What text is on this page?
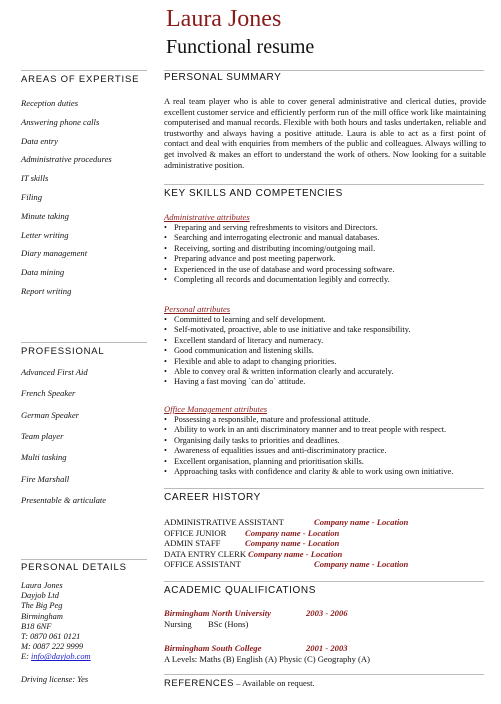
Laura Jones
Functional resume
AREAS OF EXPERTISE
Reception duties
Answering phone calls
Data entry
Administrative procedures
IT skills
Filing
Minute taking
Letter writing
Diary management
Data mining
Report writing
PROFESSIONAL
Advanced First Aid
French Speaker
German Speaker
Team player
Multi tasking
Fire Marshall
Presentable & articulate
PERSONAL DETAILS
Laura Jones
Dayjob Ltd
The Big Peg
Birmingham
B18 6NF
T: 0870 061 0121
M: 0087 222 9999
E: info@dayjob.com
Driving license: Yes
PERSONAL SUMMARY
A real team player who is able to cover general administrative and clerical duties, provide excellent customer service and efficiently perform run of the mill office work like maintaining computerised and manual records. Flexible with both hours and tasks undertaken, reliable and trustworthy and always having a positive attitude. Laura is able to act as a first point of contact and deal with enquiries from members of the public and colleagues. Always willing to get involved & makes an effort to understand the work of others. Now looking for a suitable administrative position.
KEY SKILLS AND COMPETENCIES
Administrative attributes
• Preparing and serving refreshments to visitors and Directors.
• Searching and interrogating electronic and manual databases.
• Receiving, sorting and distributing incoming/outgoing mail.
• Preparing advance and post meeting paperwork.
• Experienced in the use of database and word processing software.
• Completing all records and documentation legibly and correctly.
Personal attributes
• Committed to learning and self development.
• Self-motivated, proactive, able to use initiative and take responsibility.
• Excellent standard of literacy and numeracy.
• Good communication and listening skills.
• Flexible and able to adapt to changing priorities.
• Able to convey oral & written information clearly and accurately.
• Having a fast moving `can do` attitude.
Office Management attributes
• Possessing a responsible, mature and professional attitude.
• Ability to work in an anti discriminatory manner and to treat people with respect.
• Organising daily tasks to priorities and deadlines.
• Awareness of equalities issues and anti-discriminatory practice.
• Excellent organisation, planning and prioritisation skills.
• Approaching tasks with confidence and clarity & able to work using own initiative.
CAREER HISTORY
ADMINISTRATIVE ASSISTANT	Company name - Location
OFFICE JUNIOR Company name - Location
ADMIN STAFF	Company name - Location
DATA ENTRY CLERK Company name - Location
OFFICE ASSISTANT	Company name - Location
ACADEMIC QUALIFICATIONS
Birmingham North University	2003 - 2006
Nursing BSc (Hons)
Birmingham South College	2001 - 2003
A Levels: Maths (B) English (A) Physic (C) Geography (A)
REFERENCES – Available on request.
